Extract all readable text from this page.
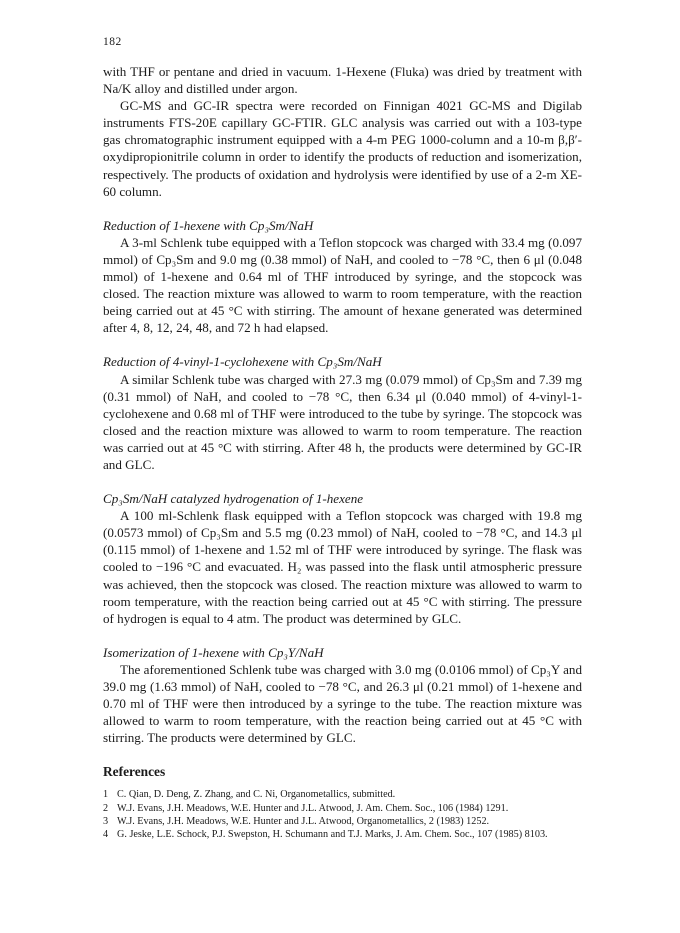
182

with THF or pentane and dried in vacuum. 1-Hexene (Fluka) was dried by treatment with Na/K alloy and distilled under argon.

GC-MS and GC-IR spectra were recorded on Finnigan 4021 GC-MS and Digilab instruments FTS-20E capillary GC-FTIR. GLC analysis was carried out with a 103-type gas chromatographic instrument equipped with a 4-m PEG 1000-column and a 10-m β,β′-oxydipropionitrile column in order to identify the products of reduction and isomerization, respectively. The products of oxidation and hydrolysis were identified by use of a 2-m XE-60 column.

Reduction of 1-hexene with Cp₃Sm/NaH

A 3-ml Schlenk tube equipped with a Teflon stopcock was charged with 33.4 mg (0.097 mmol) of Cp₃Sm and 9.0 mg (0.38 mmol) of NaH, and cooled to −78 °C, then 6 μl (0.048 mmol) of 1-hexene and 0.64 ml of THF introduced by syringe, and the stopcock was closed. The reaction mixture was allowed to warm to room temperature, with the reaction being carried out at 45 °C with stirring. The amount of hexane generated was determined after 4, 8, 12, 24, 48, and 72 h had elapsed.

Reduction of 4-vinyl-1-cyclohexene with Cp₃Sm/NaH

A similar Schlenk tube was charged with 27.3 mg (0.079 mmol) of Cp₃Sm and 7.39 mg (0.31 mmol) of NaH, and cooled to −78 °C, then 6.34 μl (0.040 mmol) of 4-vinyl-1-cyclohexene and 0.68 ml of THF were introduced to the tube by syringe. The stopcock was closed and the reaction mixture was allowed to warm to room temperature. The reaction was carried out at 45 °C with stirring. After 48 h, the products were determined by GC-IR and GLC.

Cp₃Sm/NaH catalyzed hydrogenation of 1-hexene

A 100 ml-Schlenk flask equipped with a Teflon stopcock was charged with 19.8 mg (0.0573 mmol) of Cp₃Sm and 5.5 mg (0.23 mmol) of NaH, cooled to −78 °C, and 14.3 μl (0.115 mmol) of 1-hexene and 1.52 ml of THF were introduced by syringe. The flask was cooled to −196 °C and evacuated. H₂ was passed into the flask until atmospheric pressure was achieved, then the stopcock was closed. The reaction mixture was allowed to warm to room temperature, with the reaction being carried out at 45 °C with stirring. The pressure of hydrogen is equal to 4 atm. The product was determined by GLC.

Isomerization of 1-hexene with Cp₃Y/NaH

The aforementioned Schlenk tube was charged with 3.0 mg (0.0106 mmol) of Cp₃Y and 39.0 mg (1.63 mmol) of NaH, cooled to −78 °C, and 26.3 μl (0.21 mmol) of 1-hexene and 0.70 ml of THF were then introduced by a syringe to the tube. The reaction mixture was allowed to warm to room temperature, with the reaction being carried out at 45 °C with stirring. The products were determined by GLC.

References
1 C. Qian, D. Deng, Z. Zhang, and C. Ni, Organometallics, submitted.
2 W.J. Evans, J.H. Meadows, W.E. Hunter and J.L. Atwood, J. Am. Chem. Soc., 106 (1984) 1291.
3 W.J. Evans, J.H. Meadows, W.E. Hunter and J.L. Atwood, Organometallics, 2 (1983) 1252.
4 G. Jeske, L.E. Schock, P.J. Swepston, H. Schumann and T.J. Marks, J. Am. Chem. Soc., 107 (1985) 8103.
